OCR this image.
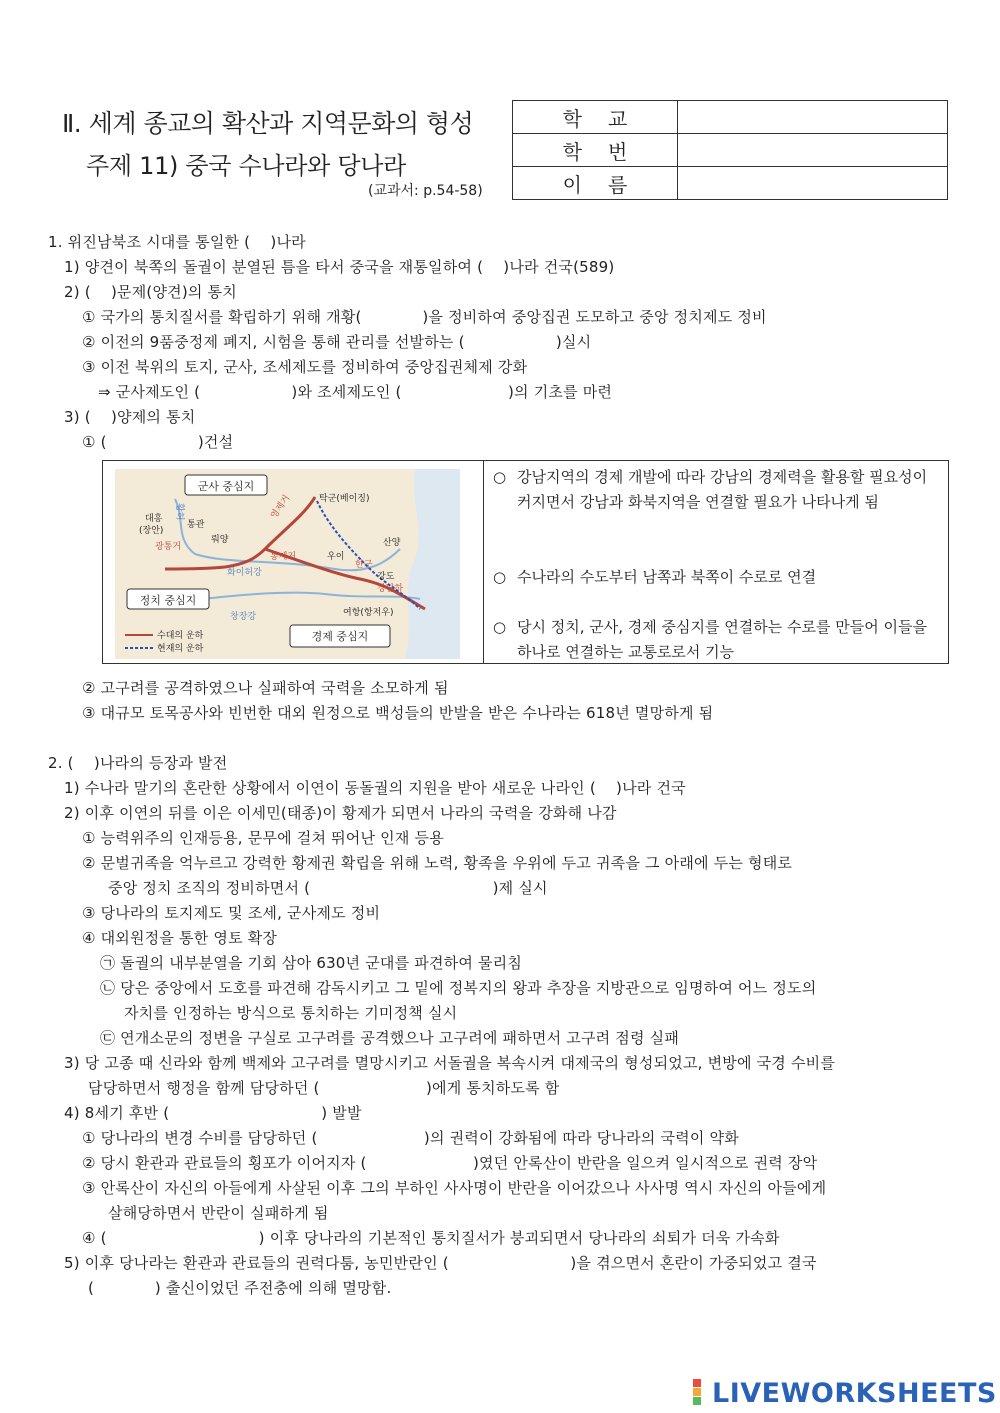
Ⅱ. 세계 종교의 확산과 지역문화의 형성
주제 11) 중국 수나라와 당나라
(교과서: p.54-58)
학교	
학번	
이름	
1. 위진남북조 시대를 통일한 (　 )나라
1) 양견이 북쪽의 돌궐이 분열된 틈을 타서 중국을 재통일하여 (　 )나라 건국(589)
2) (　 )문제(양견)의 통치
① 국가의 통치질서를 확립하기 위해 개황(　　　　)을 정비하여 중앙집권 도모하고 중앙 정치제도 정비
② 이전의 9품중정제 폐지, 시험을 통해 관리를 선발하는 (　　　　　　)실시
③ 이전 북위의 토지, 군사, 조세제도를 정비하여 중앙집권체제 강화
⇒ 군사제도인 (　　　　　　)와 조세제도인 (　　　　　　　)의 기초를 마련
3) (　 )양제의 통치
① (　　　　　　)건설
군사 중심지
정치 중심지
경제 중심지
탁군(베이징)
대흥
(장안)
통관
뤄양
광통거
통제거
영제거
화이허강
우이
한구
산양
강도
강남하
여항(항저우)
창장강
황허
수대의 운하
현재의 운하
○ 강남지역의 경제 개발에 따라 강남의 경제력을 활용할 필요성이 커지면서 강남과 화북지역을 연결할 필요가 나타나게 됨
○ 수나라의 수도부터 남쪽과 북쪽이 수로로 연결
○ 당시 정치, 군사, 경제 중심지를 연결하는 수로를 만들어 이들을 하나로 연결하는 교통로로서 기능
② 고구려를 공격하였으나 실패하여 국력을 소모하게 됨
③ 대규모 토목공사와 빈번한 대외 원정으로 백성들의 반발을 받은 수나라는 618년 멸망하게 됨
2. (　 )나라의 등장과 발전
1) 수나라 말기의 혼란한 상황에서 이연이 동돌궐의 지원을 받아 새로운 나라인 (　 )나라 건국
2) 이후 이연의 뒤를 이은 이세민(태종)이 황제가 되면서 나라의 국력을 강화해 나감
① 능력위주의 인재등용, 문무에 걸쳐 뛰어난 인재 등용
② 문벌귀족을 억누르고 강력한 황제권 확립을 위해 노력, 황족을 우위에 두고 귀족을 그 아래에 두는 형태로
중앙 정치 조직의 정비하면서 (　　　　　　　　　　　　)제 실시
③ 당나라의 토지제도 및 조세, 군사제도 정비
④ 대외원정을 통한 영토 확장
㉠ 돌궐의 내부분열을 기회 삼아 630년 군대를 파견하여 물리침
㉡ 당은 중앙에서 도호를 파견해 감독시키고 그 밑에 정복지의 왕과 추장을 지방관으로 임명하여 어느 정도의
자치를 인정하는 방식으로 통치하는 기미정책 실시
㉢ 연개소문의 정변을 구실로 고구려를 공격했으나 고구려에 패하면서 고구려 점령 실패
3) 당 고종 때 신라와 함께 백제와 고구려를 멸망시키고 서돌궐을 복속시켜 대제국의 형성되었고, 변방에 국경 수비를
담당하면서 행정을 함께 담당하던 (　　　　　　　)에게 통치하도록 함
4) 8세기 후반 (　　　　　　　　　　) 발발
① 당나라의 변경 수비를 담당하던 (　　　　　　　)의 권력이 강화됨에 따라 당나라의 국력이 약화
② 당시 환관과 관료들의 횡포가 이어지자 (　　　　　　　)였던 안록산이 반란을 일으켜 일시적으로 권력 장악
③ 안록산이 자신의 아들에게 사살된 이후 그의 부하인 사사명이 반란을 이어갔으나 사사명 역시 자신의 아들에게
살해당하면서 반란이 실패하게 됨
④ (　　　　　　　　　　) 이후 당나라의 기본적인 통치질서가 붕괴되면서 당나라의 쇠퇴가 더욱 가속화
5) 이후 당나라는 환관과 관료들의 권력다툼, 농민반란인 (　　　　　　　　)을 겪으면서 혼란이 가중되었고 결국
(　　　　) 출신이었던 주전충에 의해 멸망함.
LIVEWORKSHEETS
